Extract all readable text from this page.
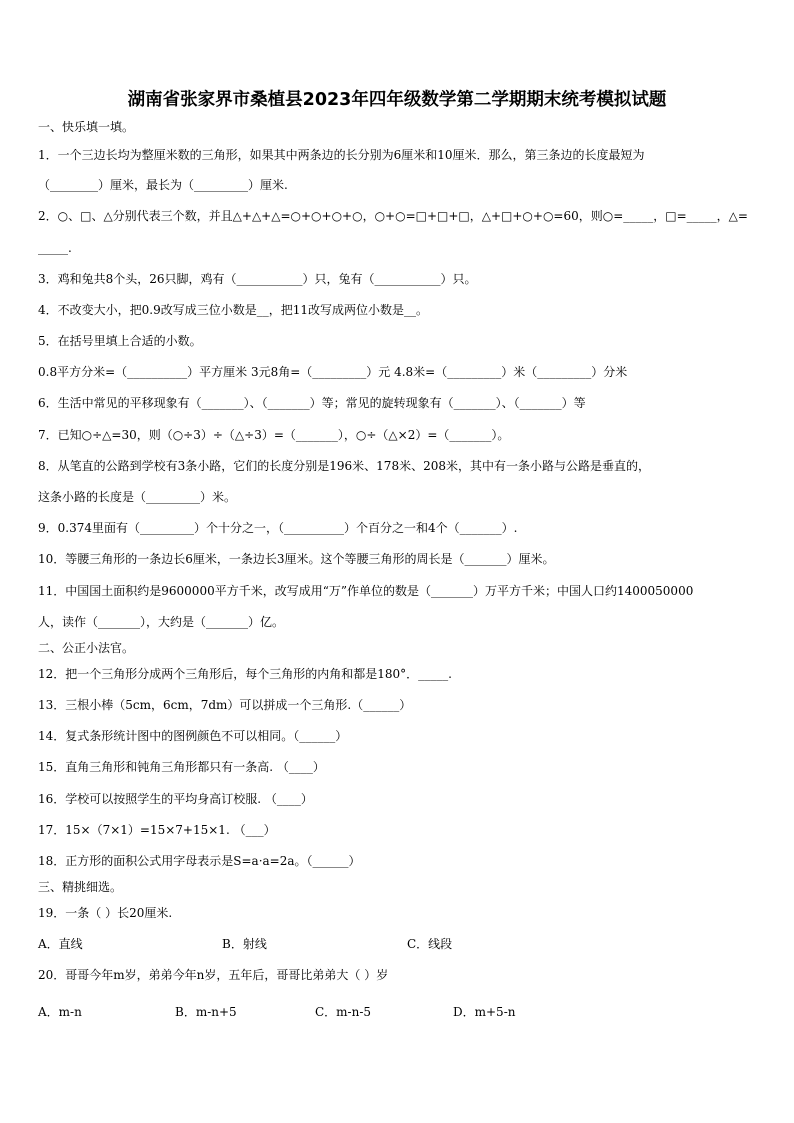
湖南省张家界市桑植县2023年四年级数学第二学期期末统考模拟试题
一、快乐填一填。
1．一个三边长均为整厘米数的三角形，如果其中两条边的长分别为6厘米和10厘米．那么，第三条边的长度最短为
（________）厘米，最长为（_________）厘米.
2．○、□、△分别代表三个数，并且△+△+△=○+○+○+○，○+○=□+□+□，△+□+○+○=60，则○=_____，□=_____，△=
_____.
3．鸡和兔共8个头，26只脚，鸡有（___________）只，兔有（___________）只。
4．不改变大小，把0.9改写成三位小数是__，把11改写成两位小数是__。
5．在括号里填上合适的小数。
0.8平方分米=（__________）平方厘米 3元8角=（_________）元 4.8米=（_________）米（_________）分米
6．生活中常见的平移现象有（_______）、（_______）等；常见的旋转现象有（_______）、（_______）等
7．已知○÷△=30，则（○÷3）÷（△÷3）=（_______），○÷（△×2）=（_______）。
8．从笔直的公路到学校有3条小路，它们的长度分别是196米、178米、208米，其中有一条小路与公路是垂直的，
这条小路的长度是（_________）米。
9．0.374里面有（_________）个十分之一，（__________）个百分之一和4个（_______）.
10．等腰三角形的一条边长6厘米，一条边长3厘米。这个等腰三角形的周长是（_______）厘米。
11．中国国土面积约是9600000平方千米，改写成用“万”作单位的数是（_______）万平方千米；中国人口约1400050000
人，读作（_______），大约是（_______）亿。
二、公正小法官。
12．把一个三角形分成两个三角形后，每个三角形的内角和都是180°．_____.
13．三根小棒（5cm，6cm，7dm）可以拼成一个三角形.（______）
14．复式条形统计图中的图例颜色不可以相同。（______）
15．直角三角形和钝角三角形都只有一条高. （____）
16．学校可以按照学生的平均身高订校服. （____）
17．15×（7×1）=15×7+15×1. （___）
18．正方形的面积公式用字母表示是S=a·a=2a。（______）
三、精挑细选。
19．一条（ ）长20厘米.
A．直线	B．射线	C．线段
20．哥哥今年m岁，弟弟今年n岁，五年后，哥哥比弟弟大（ ）岁
A．m-n	B．m-n+5	C．m-n-5	D．m+5-n
